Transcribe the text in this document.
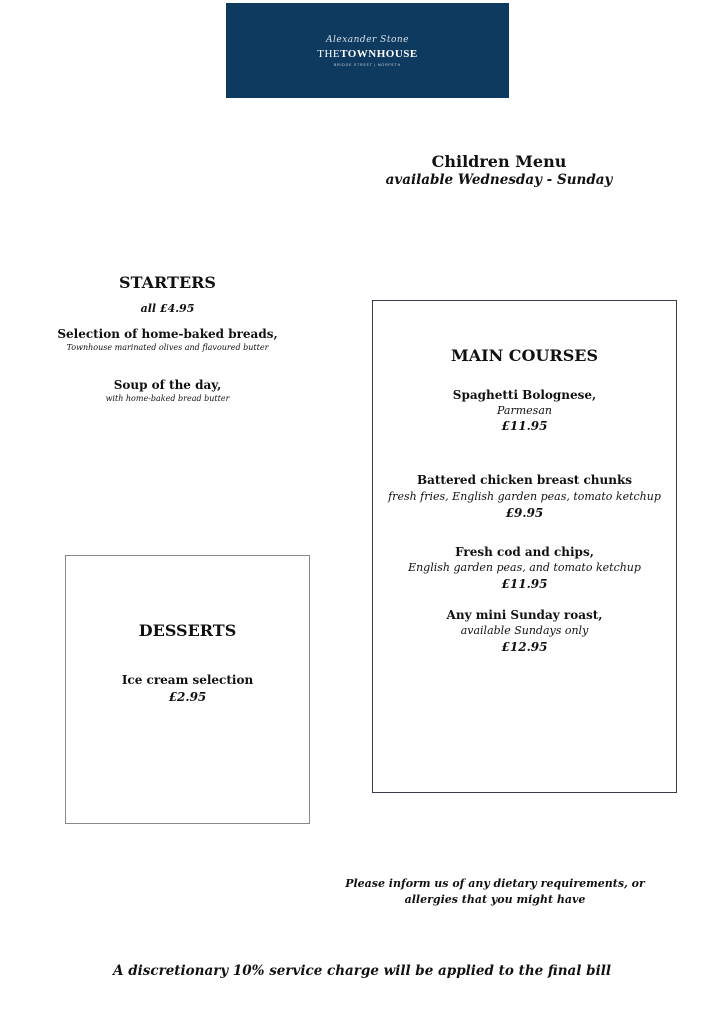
Alexander Stone
THETOWNHOUSE
BRIDGE STREET | MORPETH
Children Menu
available Wednesday - Sunday
STARTERS
all £4.95
Selection of home-baked breads,
Townhouse marinated olives and flavoured butter
Soup of the day,
with home-baked bread butter
MAIN COURSES
Spaghetti Bolognese,
Parmesan
£11.95
Battered chicken breast chunks
fresh fries, English garden peas, tomato ketchup
£9.95
Fresh cod and chips,
English garden peas, and tomato ketchup
£11.95
Any mini Sunday roast,
available Sundays only
£12.95
DESSERTS
Ice cream selection
£2.95
Please inform us of any dietary requirements, or
allergies that you might have
A discretionary 10% service charge will be applied to the final bill
